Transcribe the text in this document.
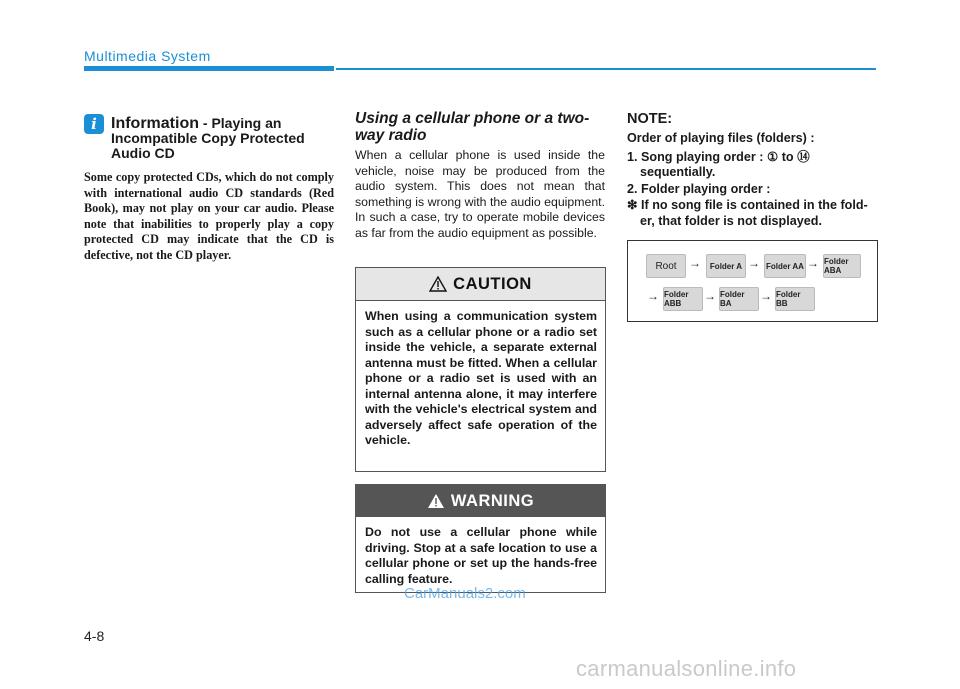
Multimedia System
i Information - Playing an Incompatible Copy Protected Audio CD
Some copy protected CDs, which do not comply with international audio CD standards (Red Book), may not play on your car audio. Please note that inabilities to properly play a copy protected CD may indicate that the CD is defective, not the CD player.
Using a cellular phone or a two-way radio
When a cellular phone is used inside the vehicle, noise may be produced from the audio system. This does not mean that something is wrong with the audio equipment. In such a case, try to operate mobile devices as far from the audio equipment as possible.
CAUTION
When using a communication system such as a cellular phone or a radio set inside the vehicle, a separate external antenna must be fitted. When a cellular phone or a radio set is used with an internal antenna alone, it may interfere with the vehicle's electrical system and adversely affect safe operation of the vehicle.
WARNING
Do not use a cellular phone while driving. Stop at a safe location to use a cellular phone or set up the hands-free calling feature.
NOTE:
Order of playing files (folders) :
1. Song playing order : ① to ⑭
sequentially.
2. Folder playing order :
❇ If no song file is contained in the fold-
er, that folder is not displayed.
Root	→	Folder A → Folder AA → Folder ABA
→ Folder ABB
→ Folder BA
→ Folder BB
CarManuals2.com
4-8
carmanualsonline.info
